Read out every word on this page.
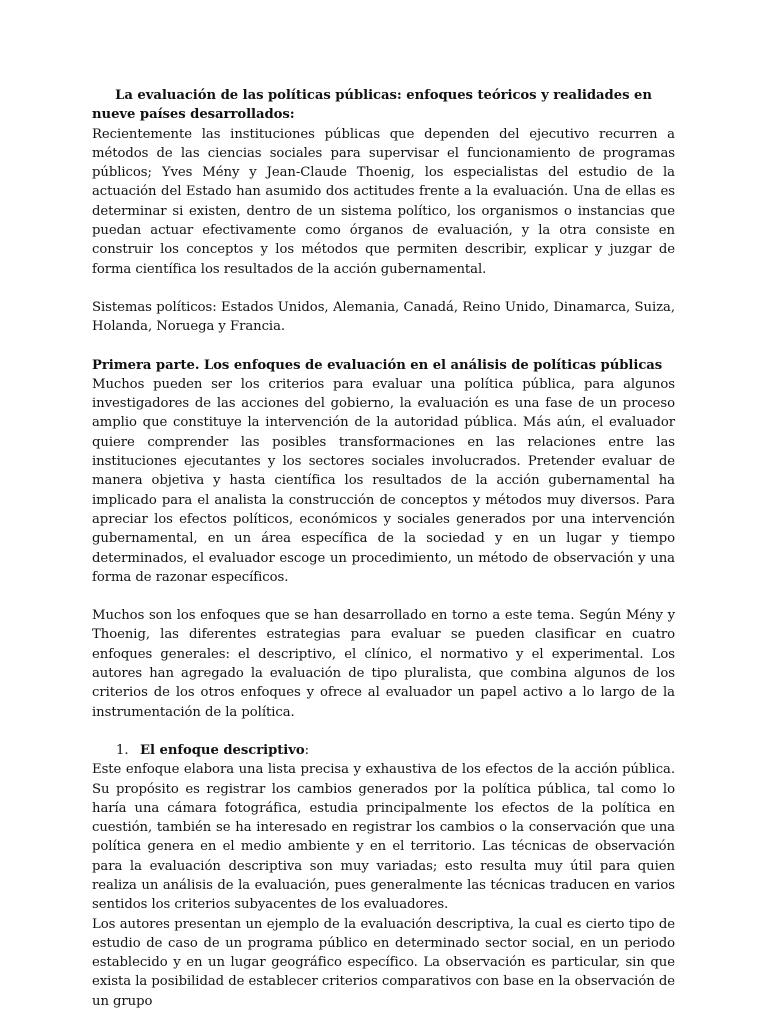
La evaluación de las políticas públicas: enfoques teóricos y realidades en nueve países desarrollados:

Recientemente las instituciones públicas que dependen del ejecutivo recurren a métodos de las ciencias sociales para supervisar el funcionamiento de programas públicos; Yves Mény y Jean-Claude Thoenig, los especialistas del estudio de la actuación del Estado han asumido dos actitudes frente a la evaluación. Una de ellas es determinar si existen, dentro de un sistema político, los organismos o instancias que puedan actuar efectivamente como órganos de evaluación, y la otra consiste en construir los conceptos y los métodos que permiten describir, explicar y juzgar de forma científica los resultados de la acción gubernamental.

Sistemas políticos: Estados Unidos, Alemania, Canadá, Reino Unido, Dinamarca, Suiza, Holanda, Noruega y Francia.

Primera parte. Los enfoques de evaluación en el análisis de políticas públicas

Muchos pueden ser los criterios para evaluar una política pública, para algunos investigadores de las acciones del gobierno, la evaluación es una fase de un proceso amplio que constituye la intervención de la autoridad pública. Más aún, el evaluador quiere comprender las posibles transformaciones en las relaciones entre las instituciones ejecutantes y los sectores sociales involucrados. Pretender evaluar de manera objetiva y hasta científica los resultados de la acción gubernamental ha implicado para el analista la construcción de conceptos y métodos muy diversos. Para apreciar los efectos políticos, económicos y sociales generados por una intervención gubernamental, en un área específica de la sociedad y en un lugar y tiempo determinados, el evaluador escoge un procedimiento, un método de observación y una forma de razonar específicos.

Muchos son los enfoques que se han desarrollado en torno a este tema. Según Mény y Thoenig, las diferentes estrategias para evaluar se pueden clasificar en cuatro enfoques generales: el descriptivo, el clínico, el normativo y el experimental. Los autores han agregado la evaluación de tipo pluralista, que combina algunos de los criterios de los otros enfoques y ofrece al evaluador un papel activo a lo largo de la instrumentación de la política.

1. El enfoque descriptivo:

Este enfoque elabora una lista precisa y exhaustiva de los efectos de la acción pública. Su propósito es registrar los cambios generados por la política pública, tal como lo haría una cámara fotográfica, estudia principalmente los efectos de la política en cuestión, también se ha interesado en registrar los cambios o la conservación que una política genera en el medio ambiente y en el territorio. Las técnicas de observación para la evaluación descriptiva son muy variadas; esto resulta muy útil para quien realiza un análisis de la evaluación, pues generalmente las técnicas traducen en varios sentidos los criterios subyacentes de los evaluadores.

Los autores presentan un ejemplo de la evaluación descriptiva, la cual es cierto tipo de estudio de caso de un programa público en determinado sector social, en un periodo establecido y en un lugar geográfico específico. La observación es particular, sin que exista la posibilidad de establecer criterios comparativos con base en la observación de un grupo
